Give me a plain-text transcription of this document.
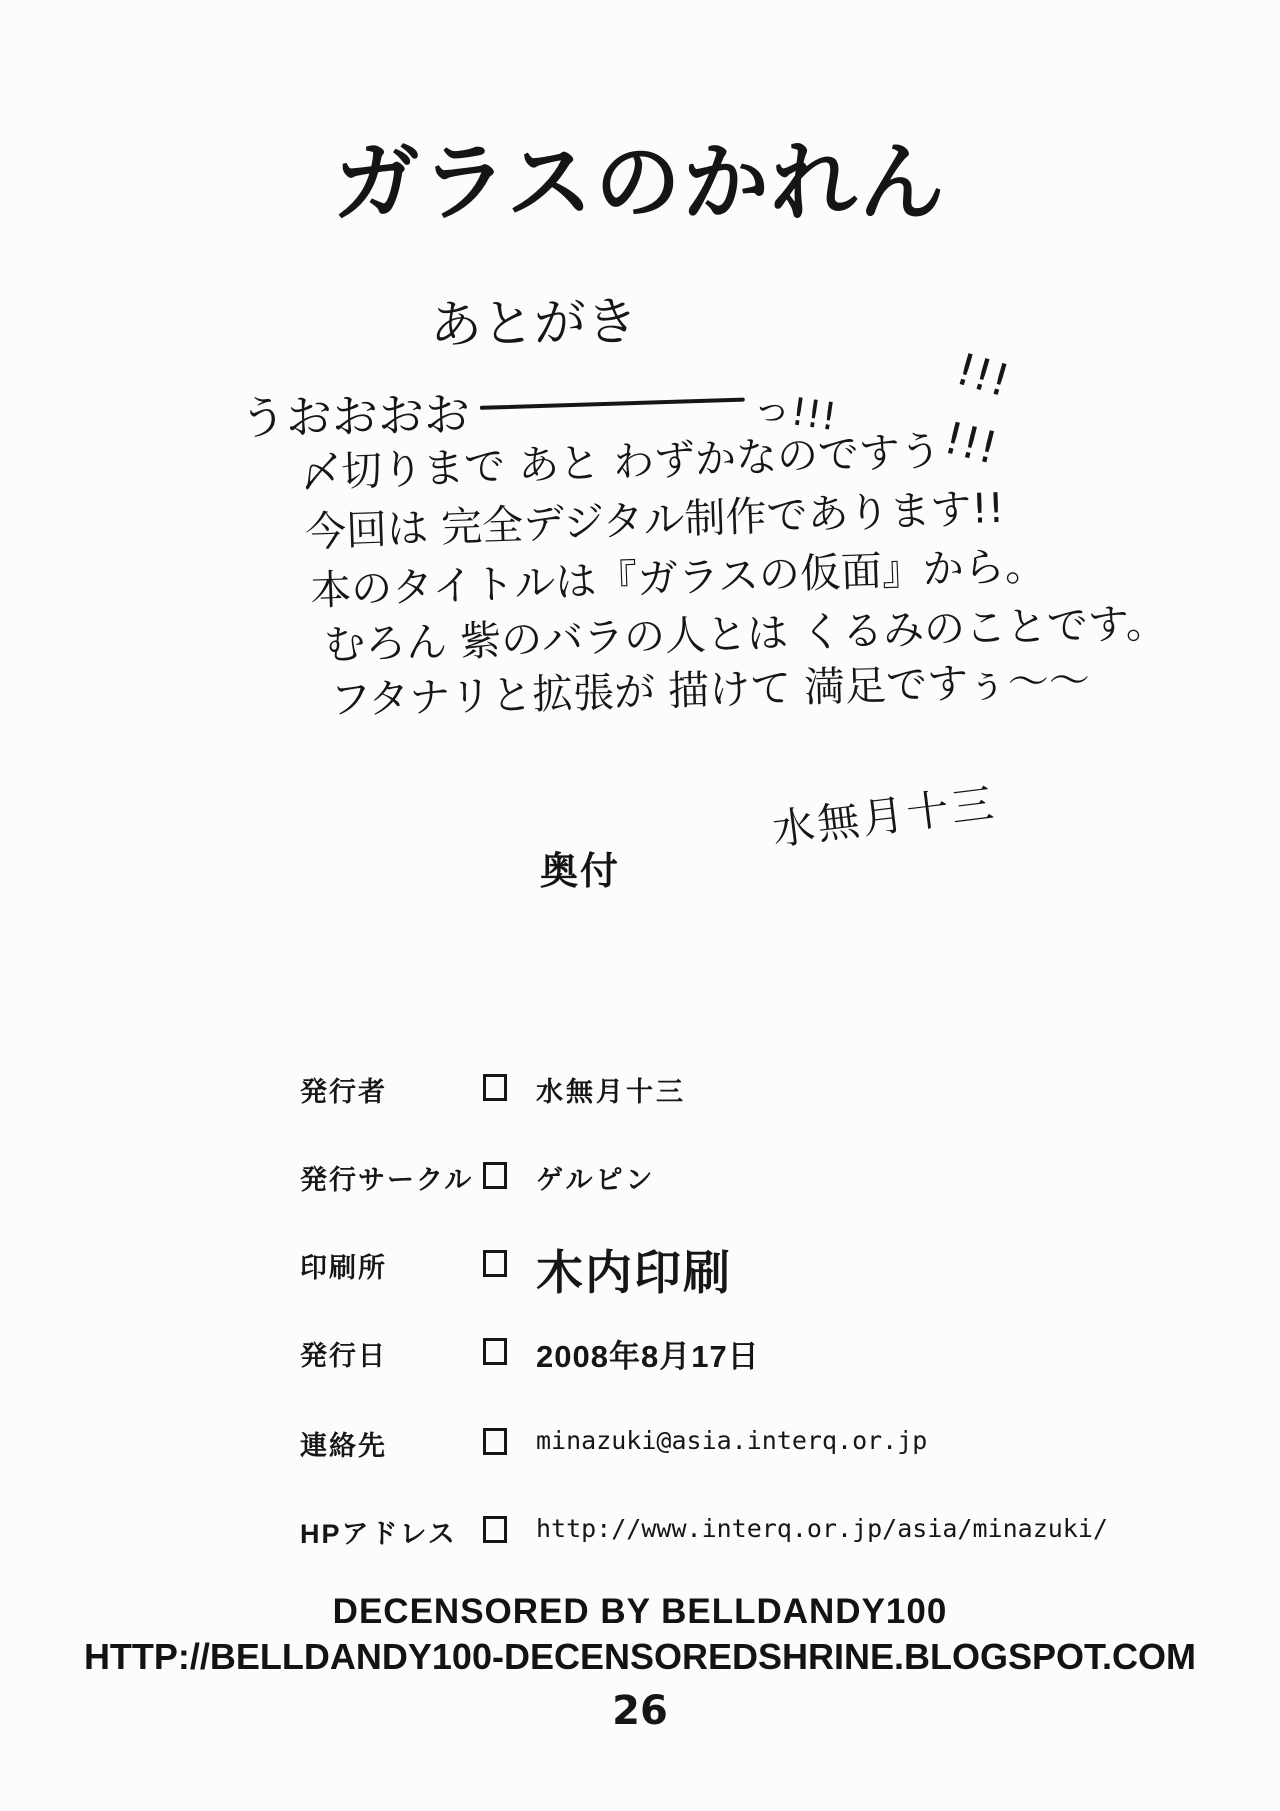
ガラスのかれん
あとがき
うおおおお	っ!!!
!!!
!!!
〆切りまで あと わずかなのですう
今回は 完全デジタル制作であります!!
本のタイトルは『ガラスの仮面』から。
むろん 紫のバラの人とは くるみのことです。
フタナリと拡張が 描けて 満足ですぅ～～
水無月十三
奥付
発行者	水無月十三
発行サークル ゲルピン
印刷所	木内印刷
発行日	2008年8月17日
連絡先	minazuki@asia.interq.or.jp
HPアドレス	http://www.interq.or.jp/asia/minazuki/
DECENSORED BY BELLDANDY100
HTTP://BELLDANDY100-DECENSOREDSHRINE.BLOGSPOT.COM
26
